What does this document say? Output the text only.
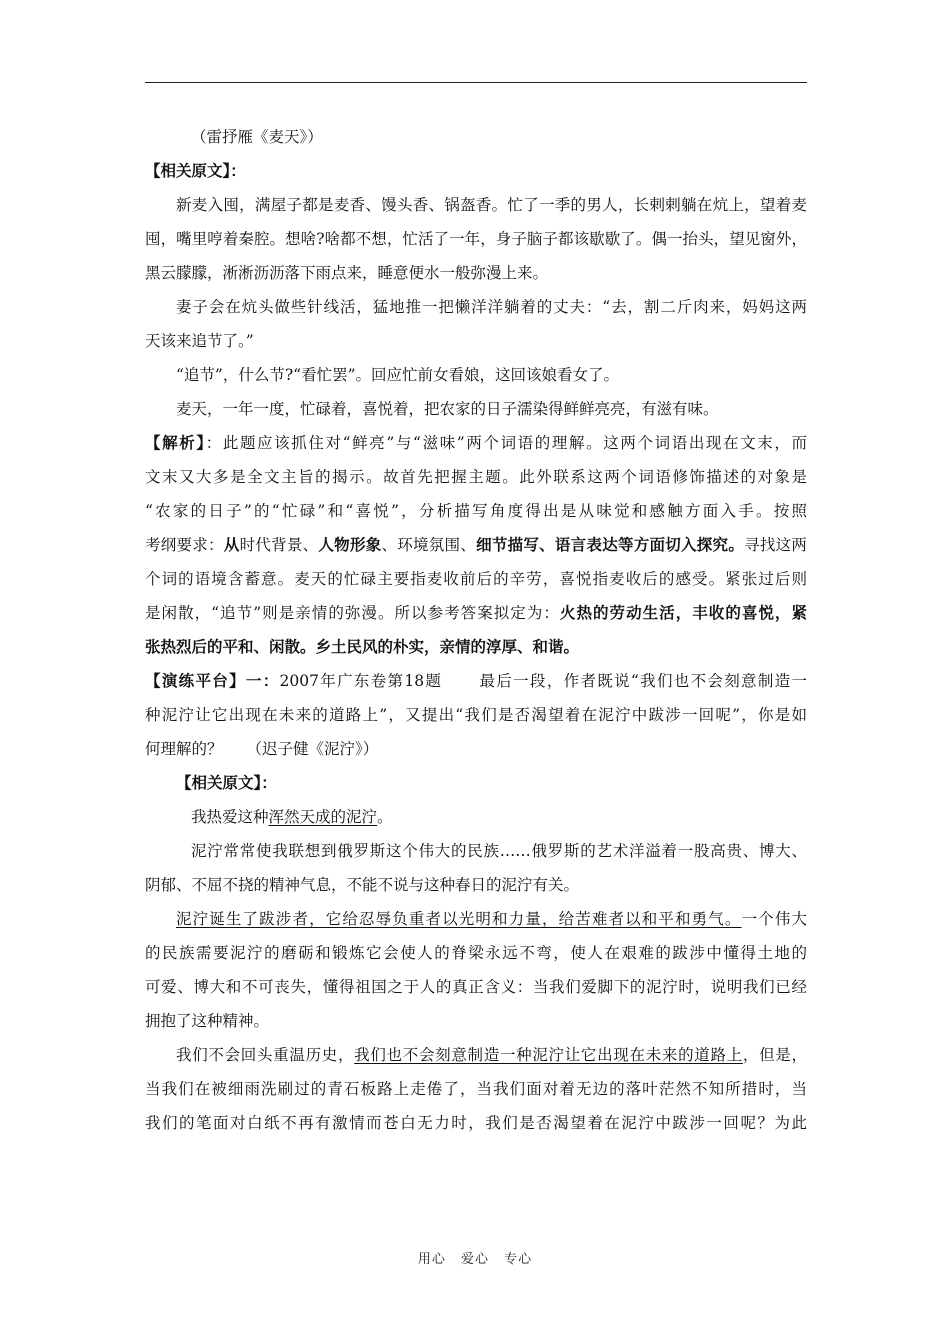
（雷抒雁《麦天》）
【相关原文】：
新麦入囤，满屋子都是麦香、馒头香、锅盔香。忙了一季的男人，长剌剌躺在炕上，望着麦
囤，嘴里哼着秦腔。想啥?啥都不想，忙活了一年，身子脑子都该歇歇了。偶一抬头，望见窗外，
黑云朦朦，淅淅沥沥落下雨点来，睡意便水一般弥漫上来。
妻子会在炕头做些针线活，猛地推一把懒洋洋躺着的丈夫：“去，割二斤肉来，妈妈这两
天该来追节了。”
“追节”，什么节?“看忙罢”。回应忙前女看娘，这回该娘看女了。
麦天，一年一度，忙碌着，喜悦着，把农家的日子濡染得鲜鲜亮亮，有滋有味。
【解析】：此题应该抓住对“鲜亮”与“滋味”两个词语的理解。这两个词语出现在文末，而
文末又大多是全文主旨的揭示。故首先把握主题。此外联系这两个词语修饰描述的对象是
“农家的日子”的“忙碌”和“喜悦”，分析描写角度得出是从味觉和感触方面入手。按照
考纲要求：从时代背景、人物形象、环境氛围、细节描写、语言表达等方面切入探究。寻找这两
个词的语境含蓄意。麦天的忙碌主要指麦收前后的辛劳，喜悦指麦收后的感受。紧张过后则
是闲散，“追节”则是亲情的弥漫。所以参考答案拟定为：火热的劳动生活，丰收的喜悦，紧
张热烈后的平和、闲散。乡土民风的朴实，亲情的淳厚、和谐。
【演练平台】一：2007年广东卷第18题 最后一段，作者既说“我们也不会刻意制造一
种泥泞让它出现在未来的道路上”，又提出“我们是否渴望着在泥泞中跋涉一回呢”，你是如
何理解的？ （迟子健《泥泞》）
【相关原文】：
我热爱这种浑然天成的泥泞。
泥泞常常使我联想到俄罗斯这个伟大的民族……俄罗斯的艺术洋溢着一股高贵、博大、
阴郁、不屈不挠的精神气息，不能不说与这种春日的泥泞有关。
泥泞诞生了跋涉者，它给忍辱负重者以光明和力量，给苦难者以和平和勇气。一个伟大
的民族需要泥泞的磨砺和锻炼它会使人的脊梁永远不弯，使人在艰难的跋涉中懂得土地的
可爱、博大和不可丧失，懂得祖国之于人的真正含义：当我们爱脚下的泥泞时，说明我们已经
拥抱了这种精神。
我们不会回头重温历史，我们也不会刻意制造一种泥泞让它出现在未来的道路上，但是，
当我们在被细雨洗刷过的青石板路上走倦了，当我们面对着无边的落叶茫然不知所措时，当
我们的笔面对白纸不再有激情而苍白无力时，我们是否渴望着在泥泞中跋涉一回呢？为此
用心 爱心 专心
